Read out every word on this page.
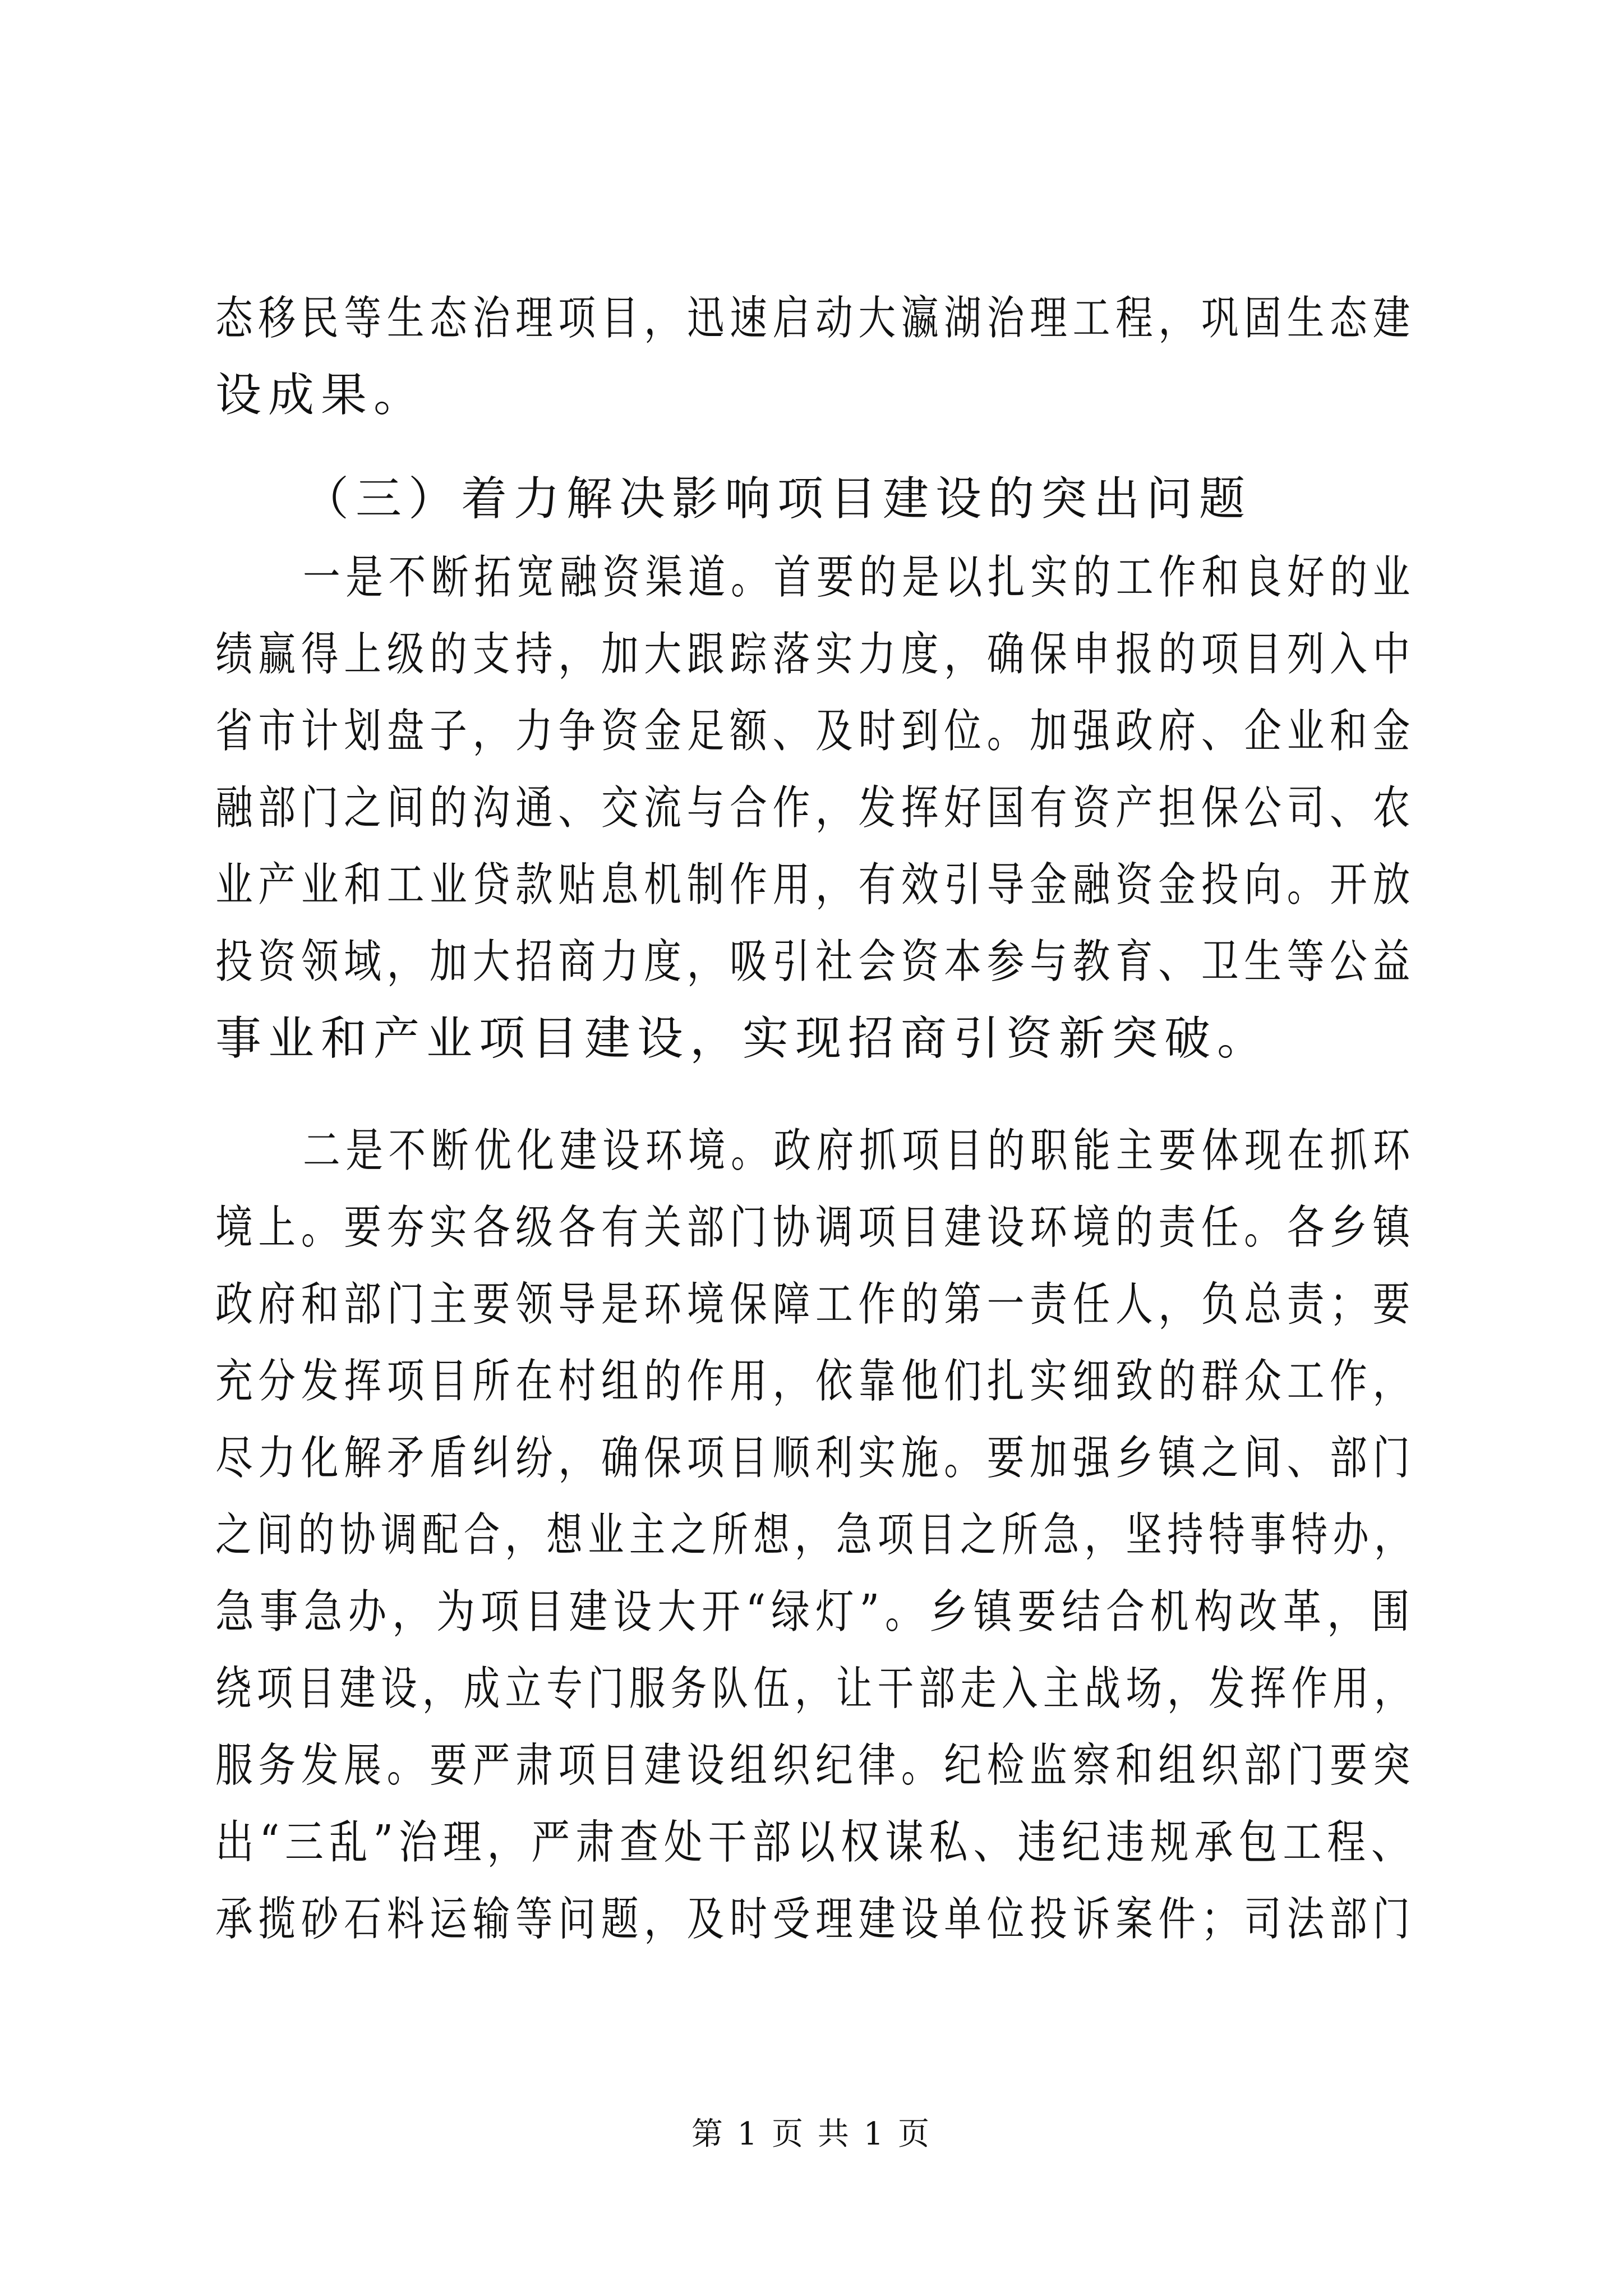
态移民等生态治理项目，迅速启动大瀛湖治理工程，巩固生态建
设成果。
（三）着力解决影响项目建设的突出问题
一是不断拓宽融资渠道。首要的是以扎实的工作和良好的业
绩赢得上级的支持，加大跟踪落实力度，确保申报的项目列入中
省市计划盘子，力争资金足额、及时到位。加强政府、企业和金
融部门之间的沟通、交流与合作，发挥好国有资产担保公司、农
业产业和工业贷款贴息机制作用，有效引导金融资金投向。开放
投资领域，加大招商力度，吸引社会资本参与教育、卫生等公益
事业和产业项目建设，实现招商引资新突破。
二是不断优化建设环境。政府抓项目的职能主要体现在抓环
境上。要夯实各级各有关部门协调项目建设环境的责任。各乡镇
政府和部门主要领导是环境保障工作的第一责任人，负总责；要
充分发挥项目所在村组的作用，依靠他们扎实细致的群众工作，
尽力化解矛盾纠纷，确保项目顺利实施。要加强乡镇之间、部门
之间的协调配合，想业主之所想，急项目之所急，坚持特事特办，
急事急办，为项目建设大开“绿灯”。乡镇要结合机构改革，围
绕项目建设，成立专门服务队伍，让干部走入主战场，发挥作用，
服务发展。要严肃项目建设组织纪律。纪检监察和组织部门要突
出“三乱”治理，严肃查处干部以权谋私、违纪违规承包工程、
承揽砂石料运输等问题，及时受理建设单位投诉案件；司法部门
第 1 页 共 1 页
